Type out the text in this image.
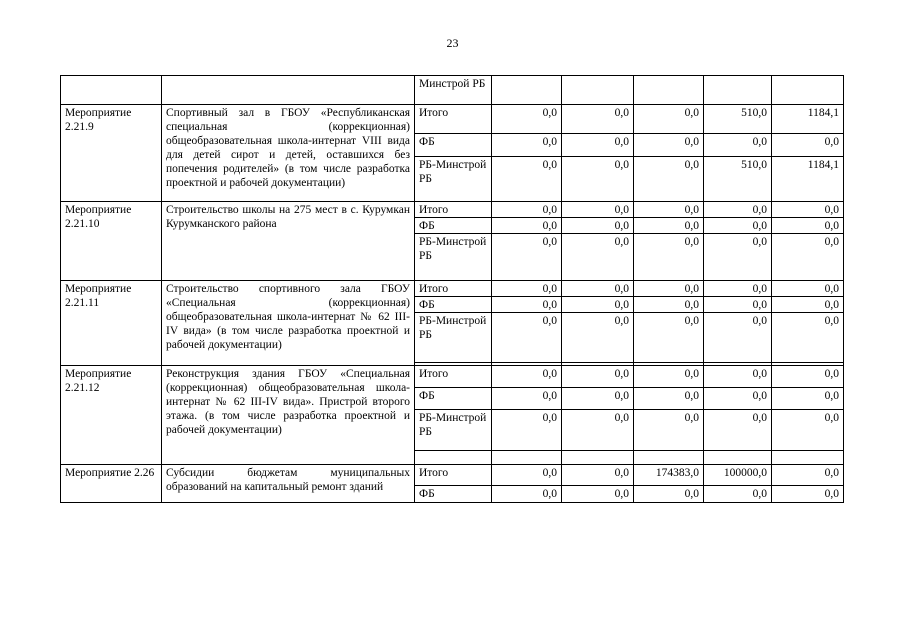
23
		Минстрой РБ					
Мероприятие 2.21.9	Спортивный зал в ГБОУ «Республиканская специальная (коррекционная) общеобразовательная школа-интернат VIII вида для детей сирот и детей, оставшихся без попечения родителей» (в том числе разработка проектной и рабочей документации)	Итого	0,0	0,0	0,0	510,0	1184,1
		ФБ	0,0	0,0	0,0	0,0	0,0
		РБ-Минстрой РБ	0,0	0,0	0,0	510,0	1184,1
Мероприятие 2.21.10	Строительство школы на 275 мест в с. Курумкан Курумканского района	Итого	0,0	0,0	0,0	0,0	0,0
		ФБ	0,0	0,0	0,0	0,0	0,0
		РБ-Минстрой РБ	0,0	0,0	0,0	0,0	0,0
Мероприятие 2.21.11	Строительство спортивного зала ГБОУ «Специальная (коррекционная) общеобразовательная школа-интернат № 62 III-IV вида» (в том числе разработка проектной и рабочей документации)	Итого	0,0	0,0	0,0	0,0	0,0
		ФБ	0,0	0,0	0,0	0,0	0,0
		РБ-Минстрой РБ	0,0	0,0	0,0	0,0	0,0

Мероприятие 2.21.12	Реконструкция здания ГБОУ «Специальная (коррекционная) общеобразовательная школа-интернат № 62 III-IV вида». Пристрой второго этажа. (в том числе разработка проектной и рабочей документации)	Итого	0,0	0,0	0,0	0,0	0,0
		ФБ	0,0	0,0	0,0	0,0	0,0
		РБ-Минстрой РБ	0,0	0,0	0,0	0,0	0,0

Мероприятие 2.26	Субсидии бюджетам муниципальных образований на капитальный ремонт зданий	Итого	0,0	0,0	174383,0	100000,0	0,0
		ФБ	0,0	0,0	0,0	0,0	0,0
